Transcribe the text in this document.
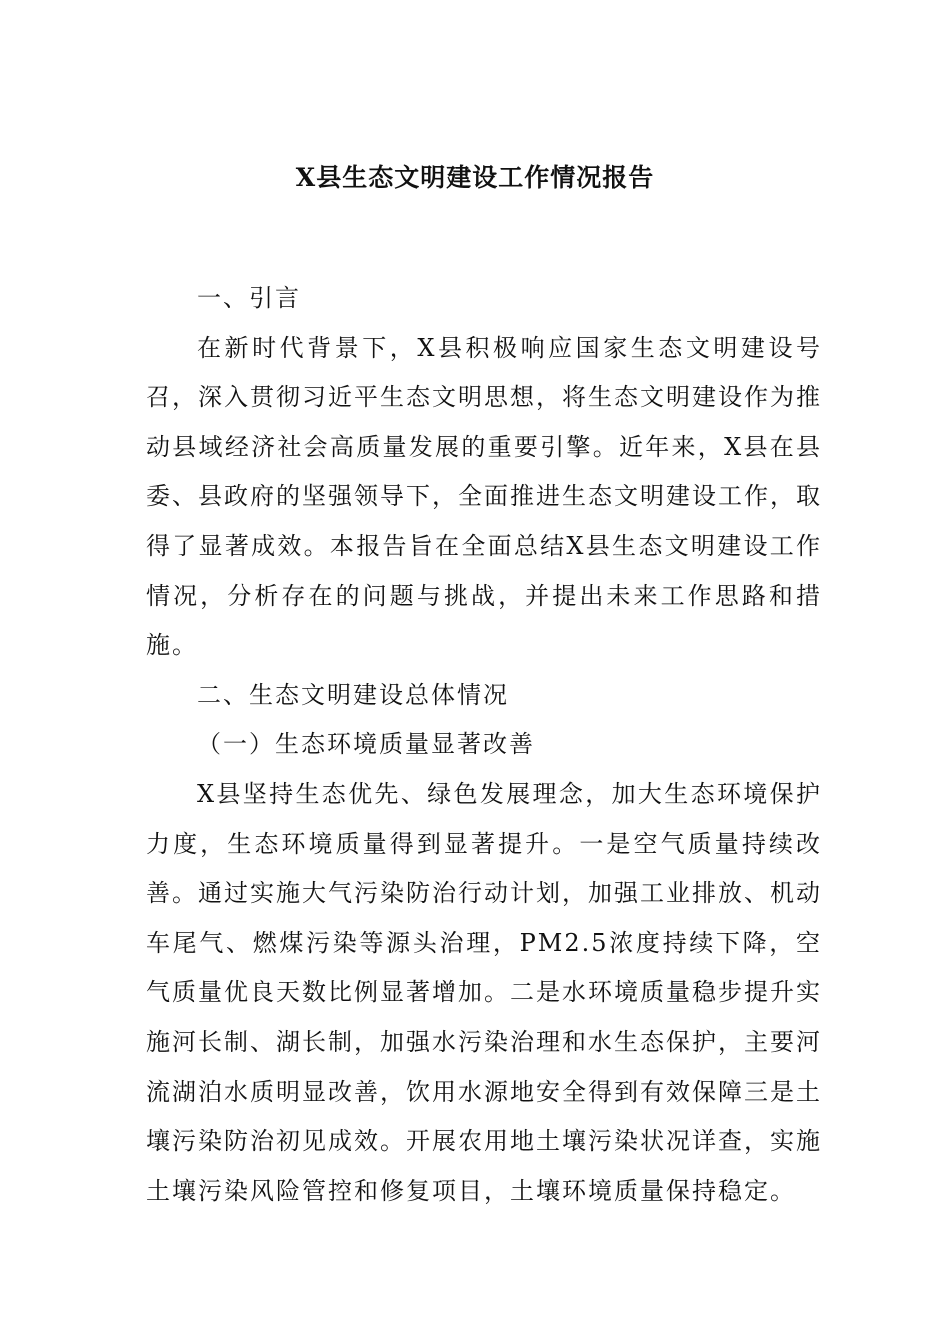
X县生态文明建设工作情况报告

一、引言

在新时代背景下，X县积极响应国家生态文明建设号召，深入贯彻习近平生态文明思想，将生态文明建设作为推动县域经济社会高质量发展的重要引擎。近年来，X县在县委、县政府的坚强领导下，全面推进生态文明建设工作，取得了显著成效。本报告旨在全面总结X县生态文明建设工作情况，分析存在的问题与挑战，并提出未来工作思路和措施。

二、生态文明建设总体情况

（一）生态环境质量显著改善

X县坚持生态优先、绿色发展理念，加大生态环境保护力度，生态环境质量得到显著提升。一是空气质量持续改善。通过实施大气污染防治行动计划，加强工业排放、机动车尾气、燃煤污染等源头治理，PM2.5浓度持续下降，空气质量优良天数比例显著增加。二是水环境质量稳步提升实施河长制、湖长制，加强水污染治理和水生态保护，主要河流湖泊水质明显改善，饮用水源地安全得到有效保障三是土壤污染防治初见成效。开展农用地土壤污染状况详查，实施土壤污染风险管控和修复项目，土壤环境质量保持稳定。
